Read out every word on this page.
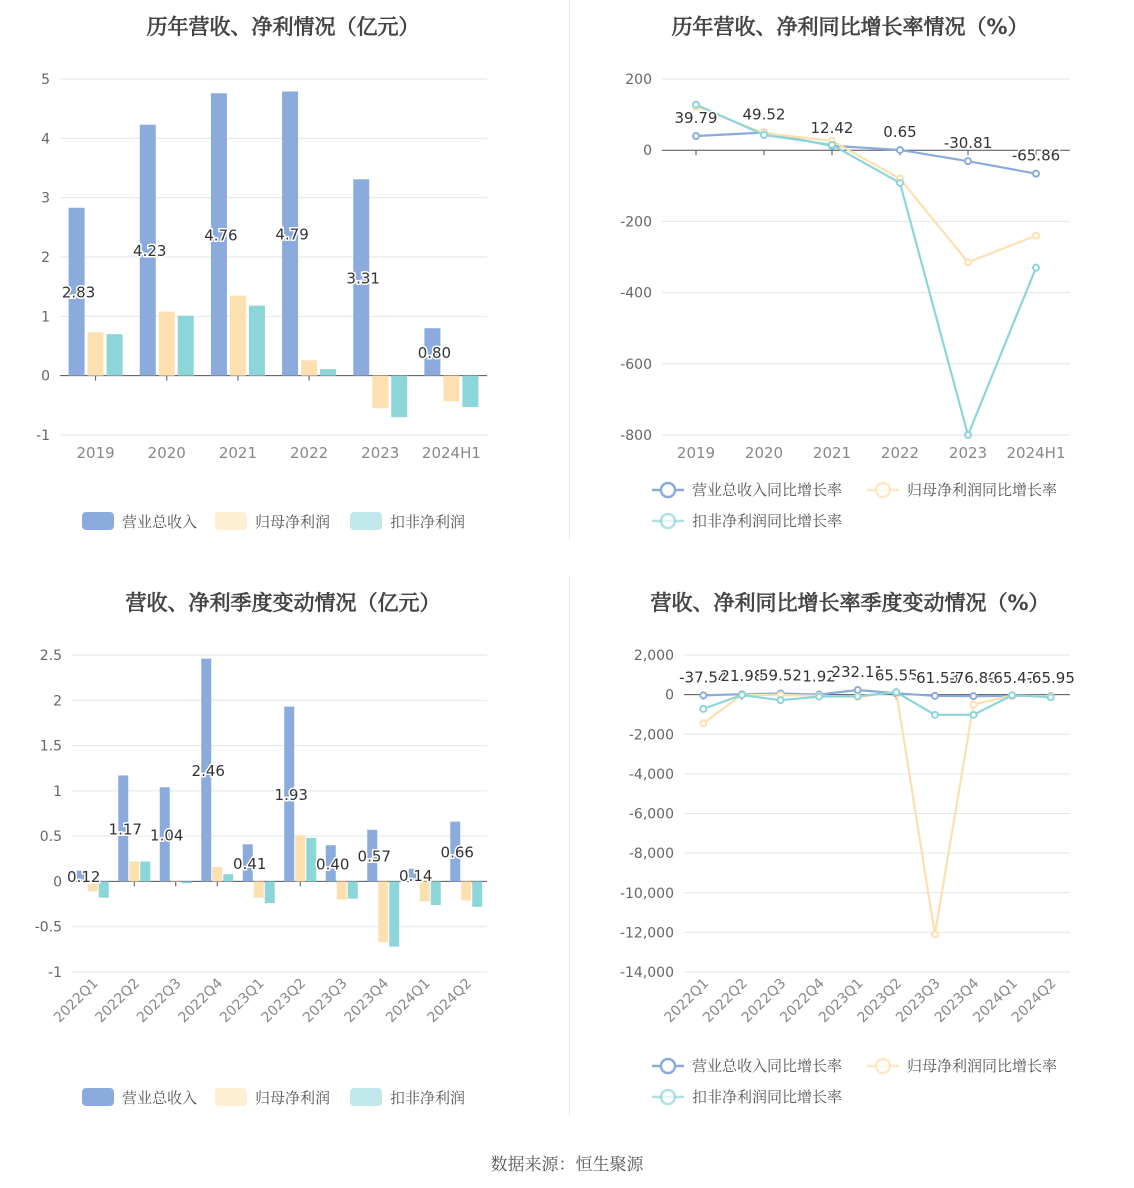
历年营收、净利情况（亿元）
5
4
3
2
1
0
-1
2019 2020 2021 2022 2023 2024H1
2.83
4.23
4.76	4.79
3.31
0.80
营业总收入	归母净利润	扣非净利润
历年营收、净利同比增长率情况（%）
200
0
-200
-400
-600
-800
2019 2020 2021 2022 2023 2024H1
39.79 49.52
12.42 0.65
-30.81
-65.86
营业总收入同比增长率	归母净利润同比增长率
扣非净利润同比增长率
营收、净利季度变动情况（亿元）
2.5
2
1.5
1
0.5
0
-0.5
-1
2022Q1
2022Q2
2022Q3
2022Q4
2023Q1
2023Q2
2023Q3
2023Q4
2024Q1
2024Q2
0.12
1.17 1.04
2.46
0.41
1.93
0.40 0.57
0.14
0.66
营业总收入	归母净利润	扣非净利润
营收、净利同比增长率季度变动情况（%）
2,000
0
-2,000
-4,000
-6,000
-8,000
-10,000
-12,000
-14,000
2022Q1
2022Q2
2022Q3
2022Q4
2023Q1
2023Q2
2023Q3
2023Q4
2024Q1
2024Q2
-37.54
21.98
59.52 1.92
232.11
65.55
-61.53
-76.80
-65.47
-65.95
营业总收入同比增长率	归母净利润同比增长率
扣非净利润同比增长率
数据来源：恒生聚源
